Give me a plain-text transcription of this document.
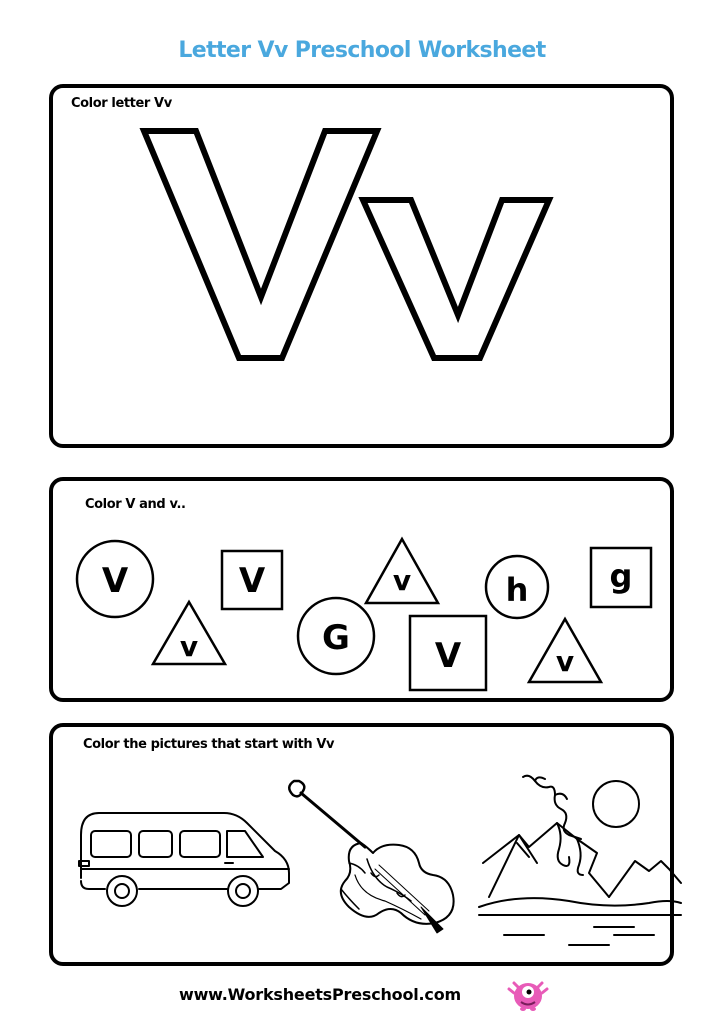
Letter Vv Preschool Worksheet
Color letter Vv
Color V and v..
V
v
V
G
v
V
h
v
g
Color the pictures that start with Vv
www.WorksheetsPreschool.com
